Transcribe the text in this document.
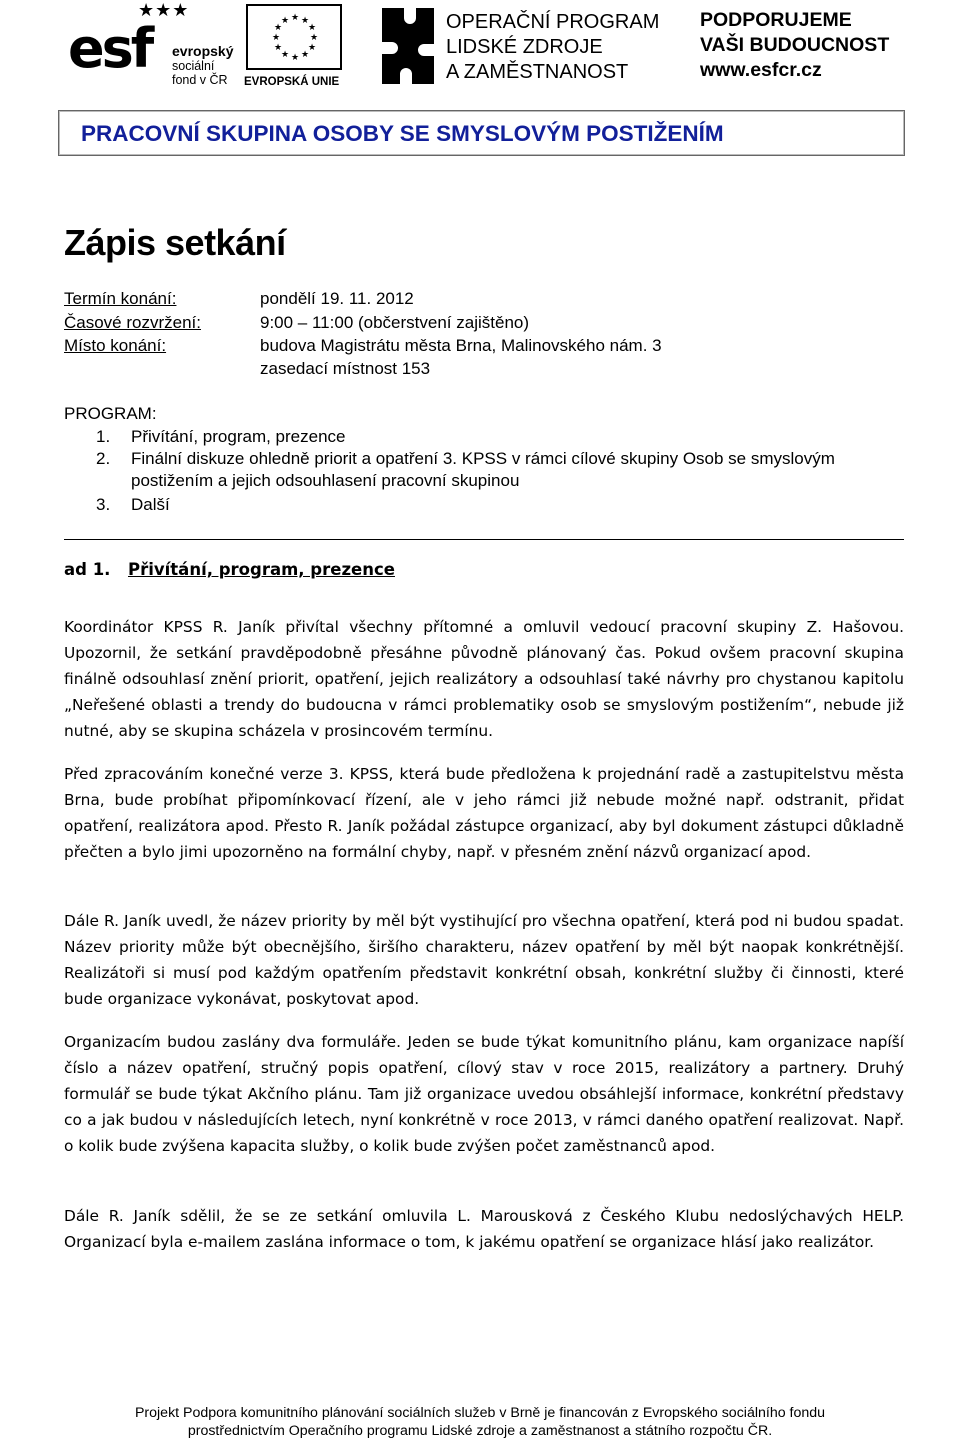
★★★
esf evropský
sociální
fond v ČR
★ ★
★
★
★
★
★
★
★
★
★
★
EVROPSKÁ UNIE
OPERAČNÍ PROGRAM
LIDSKÉ ZDROJE
A ZAMĚSTNANOST
PODPORUJEME
VAŠI BUDOUCNOST
www.esfcr.cz
PRACOVNÍ SKUPINA OSOBY SE SMYSLOVÝM POSTIŽENÍM
Zápis setkání
Termín konání:	pondělí 19. 11. 2012
Časové rozvržení:	9:00 – 11:00 (občerstvení zajištěno)
Místo konání:	budova Magistrátu města Brna, Malinovského nám. 3
zasedací místnost 153
PROGRAM:
1. Přivítání, program, prezence
2. Finální diskuze ohledně priorit a opatření 3. KPSS v rámci cílové skupiny Osob se smyslovým
postižením a jejich odsouhlasení pracovní skupinou
3. Další
ad 1. Přivítání, program, prezence

Koordinátor KPSS R. Janík přivítal všechny přítomné a omluvil vedoucí pracovní skupiny Z. Hašovou. Upozornil, že setkání pravděpodobně přesáhne původně plánovaný čas. Pokud ovšem pracovní skupina finálně odsouhlasí znění priorit, opatření, jejich realizátory a odsouhlasí také návrhy pro chystanou kapitolu „Neřešené oblasti a trendy do budoucna v rámci problematiky osob se smyslovým postižením“, nebude již nutné, aby se skupina scházela v prosincovém termínu.

Před zpracováním konečné verze 3. KPSS, která bude předložena k projednání radě a zastupitelstvu města Brna, bude probíhat připomínkovací řízení, ale v jeho rámci již nebude možné např. odstranit, přidat opatření, realizátora apod. Přesto R. Janík požádal zástupce organizací, aby byl dokument zástupci důkladně přečten a bylo jimi upozorněno na formální chyby, např. v přesném znění názvů organizací apod.

Dále R. Janík uvedl, že název priority by měl být vystihující pro všechna opatření, která pod ni budou spadat. Název priority může být obecnějšího, širšího charakteru, název opatření by měl být naopak konkrétnější. Realizátoři si musí pod každým opatřením představit konkrétní obsah, konkrétní služby či činnosti, které bude organizace vykonávat, poskytovat apod.

Organizacím budou zaslány dva formuláře. Jeden se bude týkat komunitního plánu, kam organizace napíší číslo a název opatření, stručný popis opatření, cílový stav v roce 2015, realizátory a partnery. Druhý formulář se bude týkat Akčního plánu. Tam již organizace uvedou obsáhlejší informace, konkrétní představy co a jak budou v následujících letech, nyní konkrétně v roce 2013, v rámci daného opatření realizovat. Např. o kolik bude zvýšena kapacita služby, o kolik bude zvýšen počet zaměstnanců apod.

Dále R. Janík sdělil, že se ze setkání omluvila L. Marousková z Českého Klubu nedoslýchavých HELP. Organizací byla e-mailem zaslána informace o tom, k jakému opatření se organizace hlásí jako realizátor.

Projekt Podpora komunitního plánování sociálních služeb v Brně je financován z Evropského sociálního fondu
prostřednictvím Operačního programu Lidské zdroje a zaměstnanost a státního rozpočtu ČR.
